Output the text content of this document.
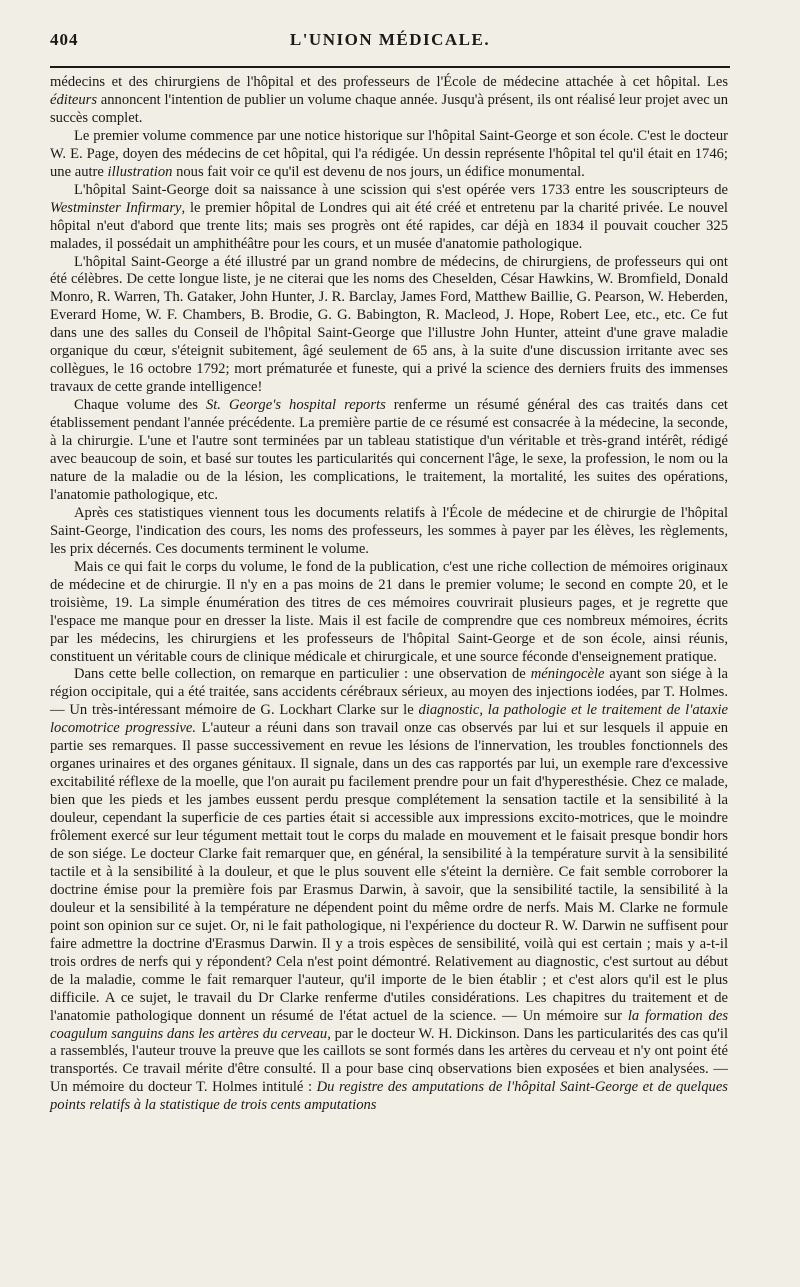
404	L'UNION MÉDICALE.

médecins et des chirurgiens de l'hôpital et des professeurs de l'École de médecine attachée à cet hôpital. Les éditeurs annoncent l'intention de publier un volume chaque année. Jusqu'à présent, ils ont réalisé leur projet avec un succès complet.

Le premier volume commence par une notice historique sur l'hôpital Saint-George et son école. C'est le docteur W. E. Page, doyen des médecins de cet hôpital, qui l'a rédigée. Un dessin représente l'hôpital tel qu'il était en 1746; une autre illustration nous fait voir ce qu'il est devenu de nos jours, un édifice monumental.

L'hôpital Saint-George doit sa naissance à une scission qui s'est opérée vers 1733 entre les souscripteurs de Westminster Infirmary, le premier hôpital de Londres qui ait été créé et entretenu par la charité privée. Le nouvel hôpital n'eut d'abord que trente lits; mais ses progrès ont été rapides, car déjà en 1834 il pouvait coucher 325 malades, il possédait un amphithéâtre pour les cours, et un musée d'anatomie pathologique.

L'hôpital Saint-George a été illustré par un grand nombre de médecins, de chirurgiens, de professeurs qui ont été célèbres. De cette longue liste, je ne citerai que les noms des Cheselden, César Hawkins, W. Bromfield, Donald Monro, R. Warren, Th. Gataker, John Hunter, J. R. Barclay, James Ford, Matthew Baillie, G. Pearson, W. Heberden, Everard Home, W. F. Chambers, B. Brodie, G. G. Babington, R. Macleod, J. Hope, Robert Lee, etc., etc. Ce fut dans une des salles du Conseil de l'hôpital Saint-George que l'illustre John Hunter, atteint d'une grave maladie organique du cœur, s'éteignit subitement, âgé seulement de 65 ans, à la suite d'une discussion irritante avec ses collègues, le 16 octobre 1792; mort prématurée et funeste, qui a privé la science des derniers fruits des immenses travaux de cette grande intelligence!

Chaque volume des St. George's hospital reports renferme un résumé général des cas traités dans cet établissement pendant l'année précédente. La première partie de ce résumé est consacrée à la médecine, la seconde, à la chirurgie. L'une et l'autre sont terminées par un tableau statistique d'un véritable et très-grand intérêt, rédigé avec beaucoup de soin, et basé sur toutes les particularités qui concernent l'âge, le sexe, la profession, le nom ou la nature de la maladie ou de la lésion, les complications, le traitement, la mortalité, les suites des opérations, l'anatomie pathologique, etc.

Après ces statistiques viennent tous les documents relatifs à l'École de médecine et de chirurgie de l'hôpital Saint-George, l'indication des cours, les noms des professeurs, les sommes à payer par les élèves, les règlements, les prix décernés. Ces documents terminent le volume.

Mais ce qui fait le corps du volume, le fond de la publication, c'est une riche collection de mémoires originaux de médecine et de chirurgie. Il n'y en a pas moins de 21 dans le premier volume; le second en compte 20, et le troisième, 19. La simple énumération des titres de ces mémoires couvrirait plusieurs pages, et je regrette que l'espace me manque pour en dresser la liste. Mais il est facile de comprendre que ces nombreux mémoires, écrits par les médecins, les chirurgiens et les professeurs de l'hôpital Saint-George et de son école, ainsi réunis, constituent un véritable cours de clinique médicale et chirurgicale, et une source féconde d'enseignement pratique.

Dans cette belle collection, on remarque en particulier : une observation de méningocèle ayant son siége à la région occipitale, qui a été traitée, sans accidents cérébraux sérieux, au moyen des injections iodées, par T. Holmes. — Un très-intéressant mémoire de G. Lockhart Clarke sur le diagnostic, la pathologie et le traitement de l'ataxie locomotrice progressive. L'auteur a réuni dans son travail onze cas observés par lui et sur lesquels il appuie en partie ses remarques. Il passe successivement en revue les lésions de l'innervation, les troubles fonctionnels des organes urinaires et des organes génitaux. Il signale, dans un des cas rapportés par lui, un exemple rare d'excessive excitabilité réflexe de la moelle, que l'on aurait pu facilement prendre pour un fait d'hyperesthésie. Chez ce malade, bien que les pieds et les jambes eussent perdu presque complétement la sensation tactile et la sensibilité à la douleur, cependant la superficie de ces parties était si accessible aux impressions excito-motrices, que le moindre frôlement exercé sur leur tégument mettait tout le corps du malade en mouvement et le faisait presque bondir hors de son siége. Le docteur Clarke fait remarquer que, en général, la sensibilité à la température survit à la sensibilité tactile et à la sensibilité à la douleur, et que le plus souvent elle s'éteint la dernière. Ce fait semble corroborer la doctrine émise pour la première fois par Erasmus Darwin, à savoir, que la sensibilité tactile, la sensibilité à la douleur et la sensibilité à la température ne dépendent point du même ordre de nerfs. Mais M. Clarke ne formule point son opinion sur ce sujet. Or, ni le fait pathologique, ni l'expérience du docteur R. W. Darwin ne suffisent pour faire admettre la doctrine d'Erasmus Darwin. Il y a trois espèces de sensibilité, voilà qui est certain ; mais y a-t-il trois ordres de nerfs qui y répondent? Cela n'est point démontré. Relativement au diagnostic, c'est surtout au début de la maladie, comme le fait remarquer l'auteur, qu'il importe de le bien établir ; et c'est alors qu'il est le plus difficile. A ce sujet, le travail du Dr Clarke renferme d'utiles considérations. Les chapitres du traitement et de l'anatomie pathologique donnent un résumé de l'état actuel de la science. — Un mémoire sur la formation des coagulum sanguins dans les artères du cerveau, par le docteur W. H. Dickinson. Dans les particularités des cas qu'il a rassemblés, l'auteur trouve la preuve que les caillots se sont formés dans les artères du cerveau et n'y ont point été transportés. Ce travail mérite d'être consulté. Il a pour base cinq observations bien exposées et bien analysées. — Un mémoire du docteur T. Holmes intitulé : Du registre des amputations de l'hôpital Saint-George et de quelques points relatifs à la statistique de trois cents amputations
